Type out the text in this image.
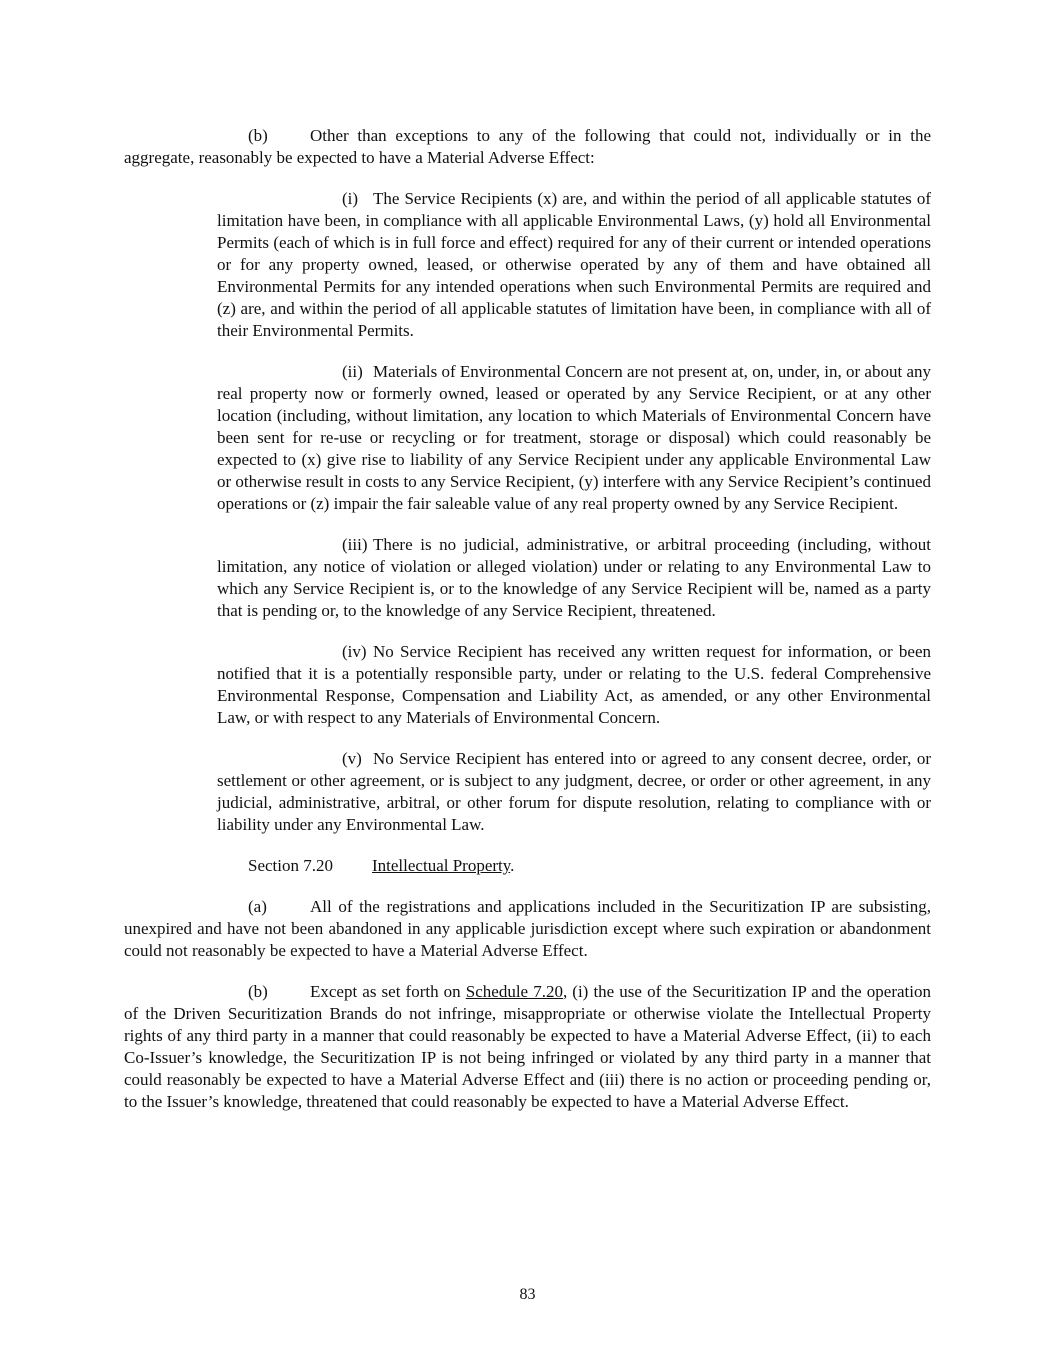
(b) Other than exceptions to any of the following that could not, individually or in the aggregate, reasonably be expected to have a Material Adverse Effect:

(i) The Service Recipients (x) are, and within the period of all applicable statutes of limitation have been, in compliance with all applicable Environmental Laws, (y) hold all Environmental Permits (each of which is in full force and effect) required for any of their current or intended operations or for any property owned, leased, or otherwise operated by any of them and have obtained all Environmental Permits for any intended operations when such Environmental Permits are required and (z) are, and within the period of all applicable statutes of limitation have been, in compliance with all of their Environmental Permits.

(ii) Materials of Environmental Concern are not present at, on, under, in, or about any real property now or formerly owned, leased or operated by any Service Recipient, or at any other location (including, without limitation, any location to which Materials of Environmental Concern have been sent for re-use or recycling or for treatment, storage or disposal) which could reasonably be expected to (x) give rise to liability of any Service Recipient under any applicable Environmental Law or otherwise result in costs to any Service Recipient, (y) interfere with any Service Recipient’s continued operations or (z) impair the fair saleable value of any real property owned by any Service Recipient.

(iii) There is no judicial, administrative, or arbitral proceeding (including, without limitation, any notice of violation or alleged violation) under or relating to any Environmental Law to which any Service Recipient is, or to the knowledge of any Service Recipient will be, named as a party that is pending or, to the knowledge of any Service Recipient, threatened.

(iv) No Service Recipient has received any written request for information, or been notified that it is a potentially responsible party, under or relating to the U.S. federal Comprehensive Environmental Response, Compensation and Liability Act, as amended, or any other Environmental Law, or with respect to any Materials of Environmental Concern.

(v) No Service Recipient has entered into or agreed to any consent decree, order, or settlement or other agreement, or is subject to any judgment, decree, or order or other agreement, in any judicial, administrative, arbitral, or other forum for dispute resolution, relating to compliance with or liability under any Environmental Law.

Section 7.20 Intellectual Property.

(a)	All of the registrations and applications included in the Securitization IP are subsisting, unexpired and have not been abandoned in any applicable jurisdiction except where such expiration or abandonment could not reasonably be expected to have a Material Adverse Effect.

(b) Except as set forth on Schedule 7.20, (i) the use of the Securitization IP and the operation of the Driven Securitization Brands do not infringe, misappropriate or otherwise violate the Intellectual Property rights of any third party in a manner that could reasonably be expected to have a Material Adverse Effect, (ii) to each Co-Issuer’s knowledge, the Securitization IP is not being infringed or violated by any third party in a manner that could reasonably be expected to have a Material Adverse Effect and (iii) there is no action or proceeding pending or, to the Issuer’s knowledge, threatened that could reasonably be expected to have a Material Adverse Effect.

83
